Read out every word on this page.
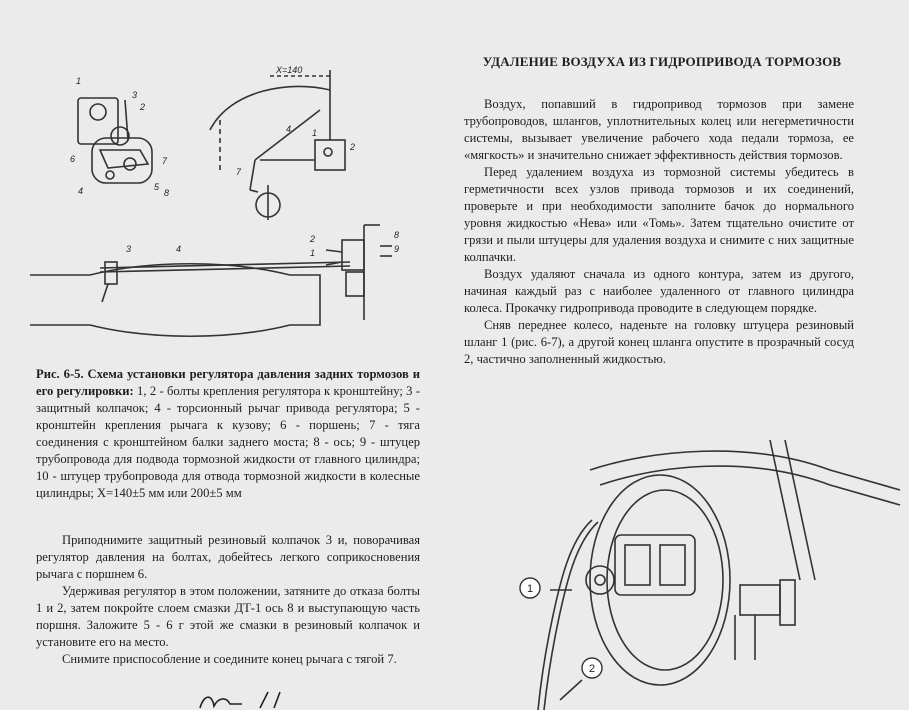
1
2
3
4	5
6	7
8
X=140
1
2
7
4
3	4
2
1
8
9
Рис. 6-5. Схема установки регулятора давления задних тормозов и его регулировки: 1, 2 - болты крепления регулятора к кронштейну; 3 - защитный колпачок; 4 - торсионный рычаг привода регулятора; 5 - кронштейн крепления рычага к кузову; 6 - поршень; 7 - тяга соединения с кронштейном балки заднего моста; 8 - ось; 9 - штуцер трубопровода для подвода тормозной жидкости от главного цилиндра; 10 - штуцер трубопровода для отвода тормозной жидкости в колесные цилиндры; X=140±5 мм или 200±5 мм

Приподнимите защитный резиновый колпачок 3 и, поворачивая регулятор давления на болтах, добейтесь легкого соприкосновения рычага с поршнем 6.

Удерживая регулятор в этом положении, затяните до отказа болты 1 и 2, затем покройте слоем смазки ДТ-1 ось 8 и выступающую часть поршня. Заложите 5 - 6 г этой же смазки в резиновый колпачок и установите его на место.

Снимите приспособление и соедините конец рычага с тягой 7.

УДАЛЕНИЕ ВОЗДУХА ИЗ ГИДРОПРИВОДА ТОРМОЗОВ

Воздух, попавший в гидропривод тормозов при замене трубопроводов, шлангов, уплотнительных колец или негерметичности системы, вызывает увеличение рабочего хода педали тормоза, ее «мягкость» и значительно снижает эффективность действия тормозов.

Перед удалением воздуха из тормозной системы убедитесь в герметичности всех узлов привода тормозов и их соединений, проверьте и при необходимости заполните бачок до нормального уровня жидкостью «Нева» или «Томь». Затем тщательно очистите от грязи и пыли штуцеры для удаления воздуха и снимите с них защитные колпачки.

Воздух удаляют сначала из одного контура, затем из другого, начиная каждый раз с наиболее удаленного от главного цилиндра колеса. Прокачку гидропривода проводите в следующем порядке.

Сняв переднее колесо, наденьте на головку штуцера резиновый шланг 1 (рис. 6-7), а другой конец шланга опустите в прозрачный сосуд 2, частично заполненный жидкостью.

1
2
